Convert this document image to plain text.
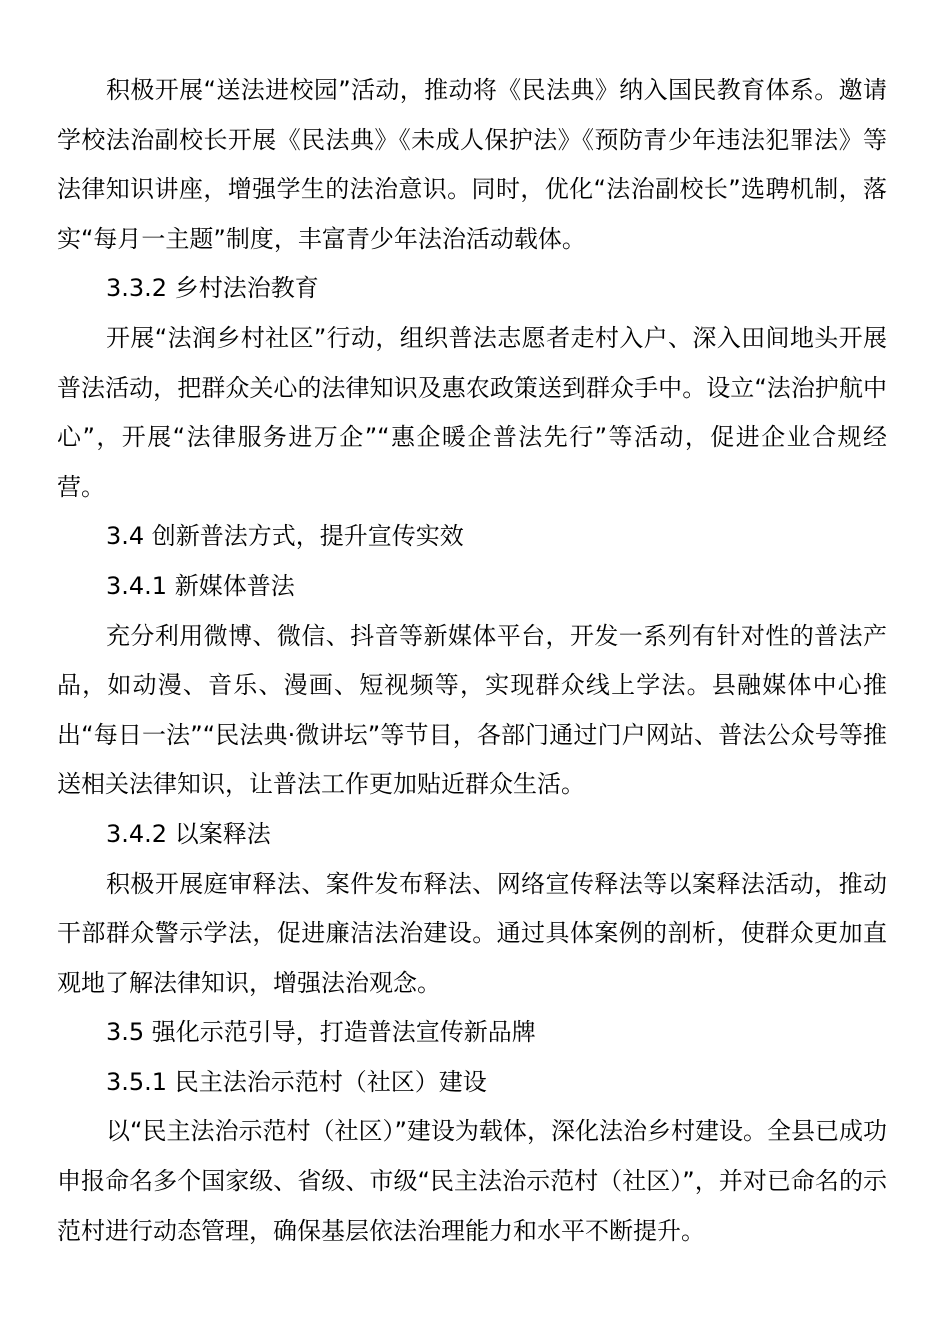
积极开展“送法进校园”活动，推动将《民法典》纳入国民教育体系。邀请学校法治副校长开展《民法典》《未成人保护法》《预防青少年违法犯罪法》等法律知识讲座，增强学生的法治意识。同时，优化“法治副校长”选聘机制，落实“每月一主题”制度，丰富青少年法治活动载体。

3.3.2 乡村法治教育

开展“法润乡村社区”行动，组织普法志愿者走村入户、深入田间地头开展普法活动，把群众关心的法律知识及惠农政策送到群众手中。设立“法治护航中心”，开展“法律服务进万企”“惠企暖企普法先行”等活动，促进企业合规经营。

3.4 创新普法方式，提升宣传实效

3.4.1 新媒体普法

充分利用微博、微信、抖音等新媒体平台，开发一系列有针对性的普法产品，如动漫、音乐、漫画、短视频等，实现群众线上学法。县融媒体中心推出“每日一法”“民法典·微讲坛”等节目，各部门通过门户网站、普法公众号等推送相关法律知识，让普法工作更加贴近群众生活。

3.4.2 以案释法

积极开展庭审释法、案件发布释法、网络宣传释法等以案释法活动，推动干部群众警示学法，促进廉洁法治建设。通过具体案例的剖析，使群众更加直观地了解法律知识，增强法治观念。

3.5 强化示范引导，打造普法宣传新品牌

3.5.1 民主法治示范村（社区）建设

以“民主法治示范村（社区）”建设为载体，深化法治乡村建设。全县已成功申报命名多个国家级、省级、市级“民主法治示范村（社区）”，并对已命名的示范村进行动态管理，确保基层依法治理能力和水平不断提升。
